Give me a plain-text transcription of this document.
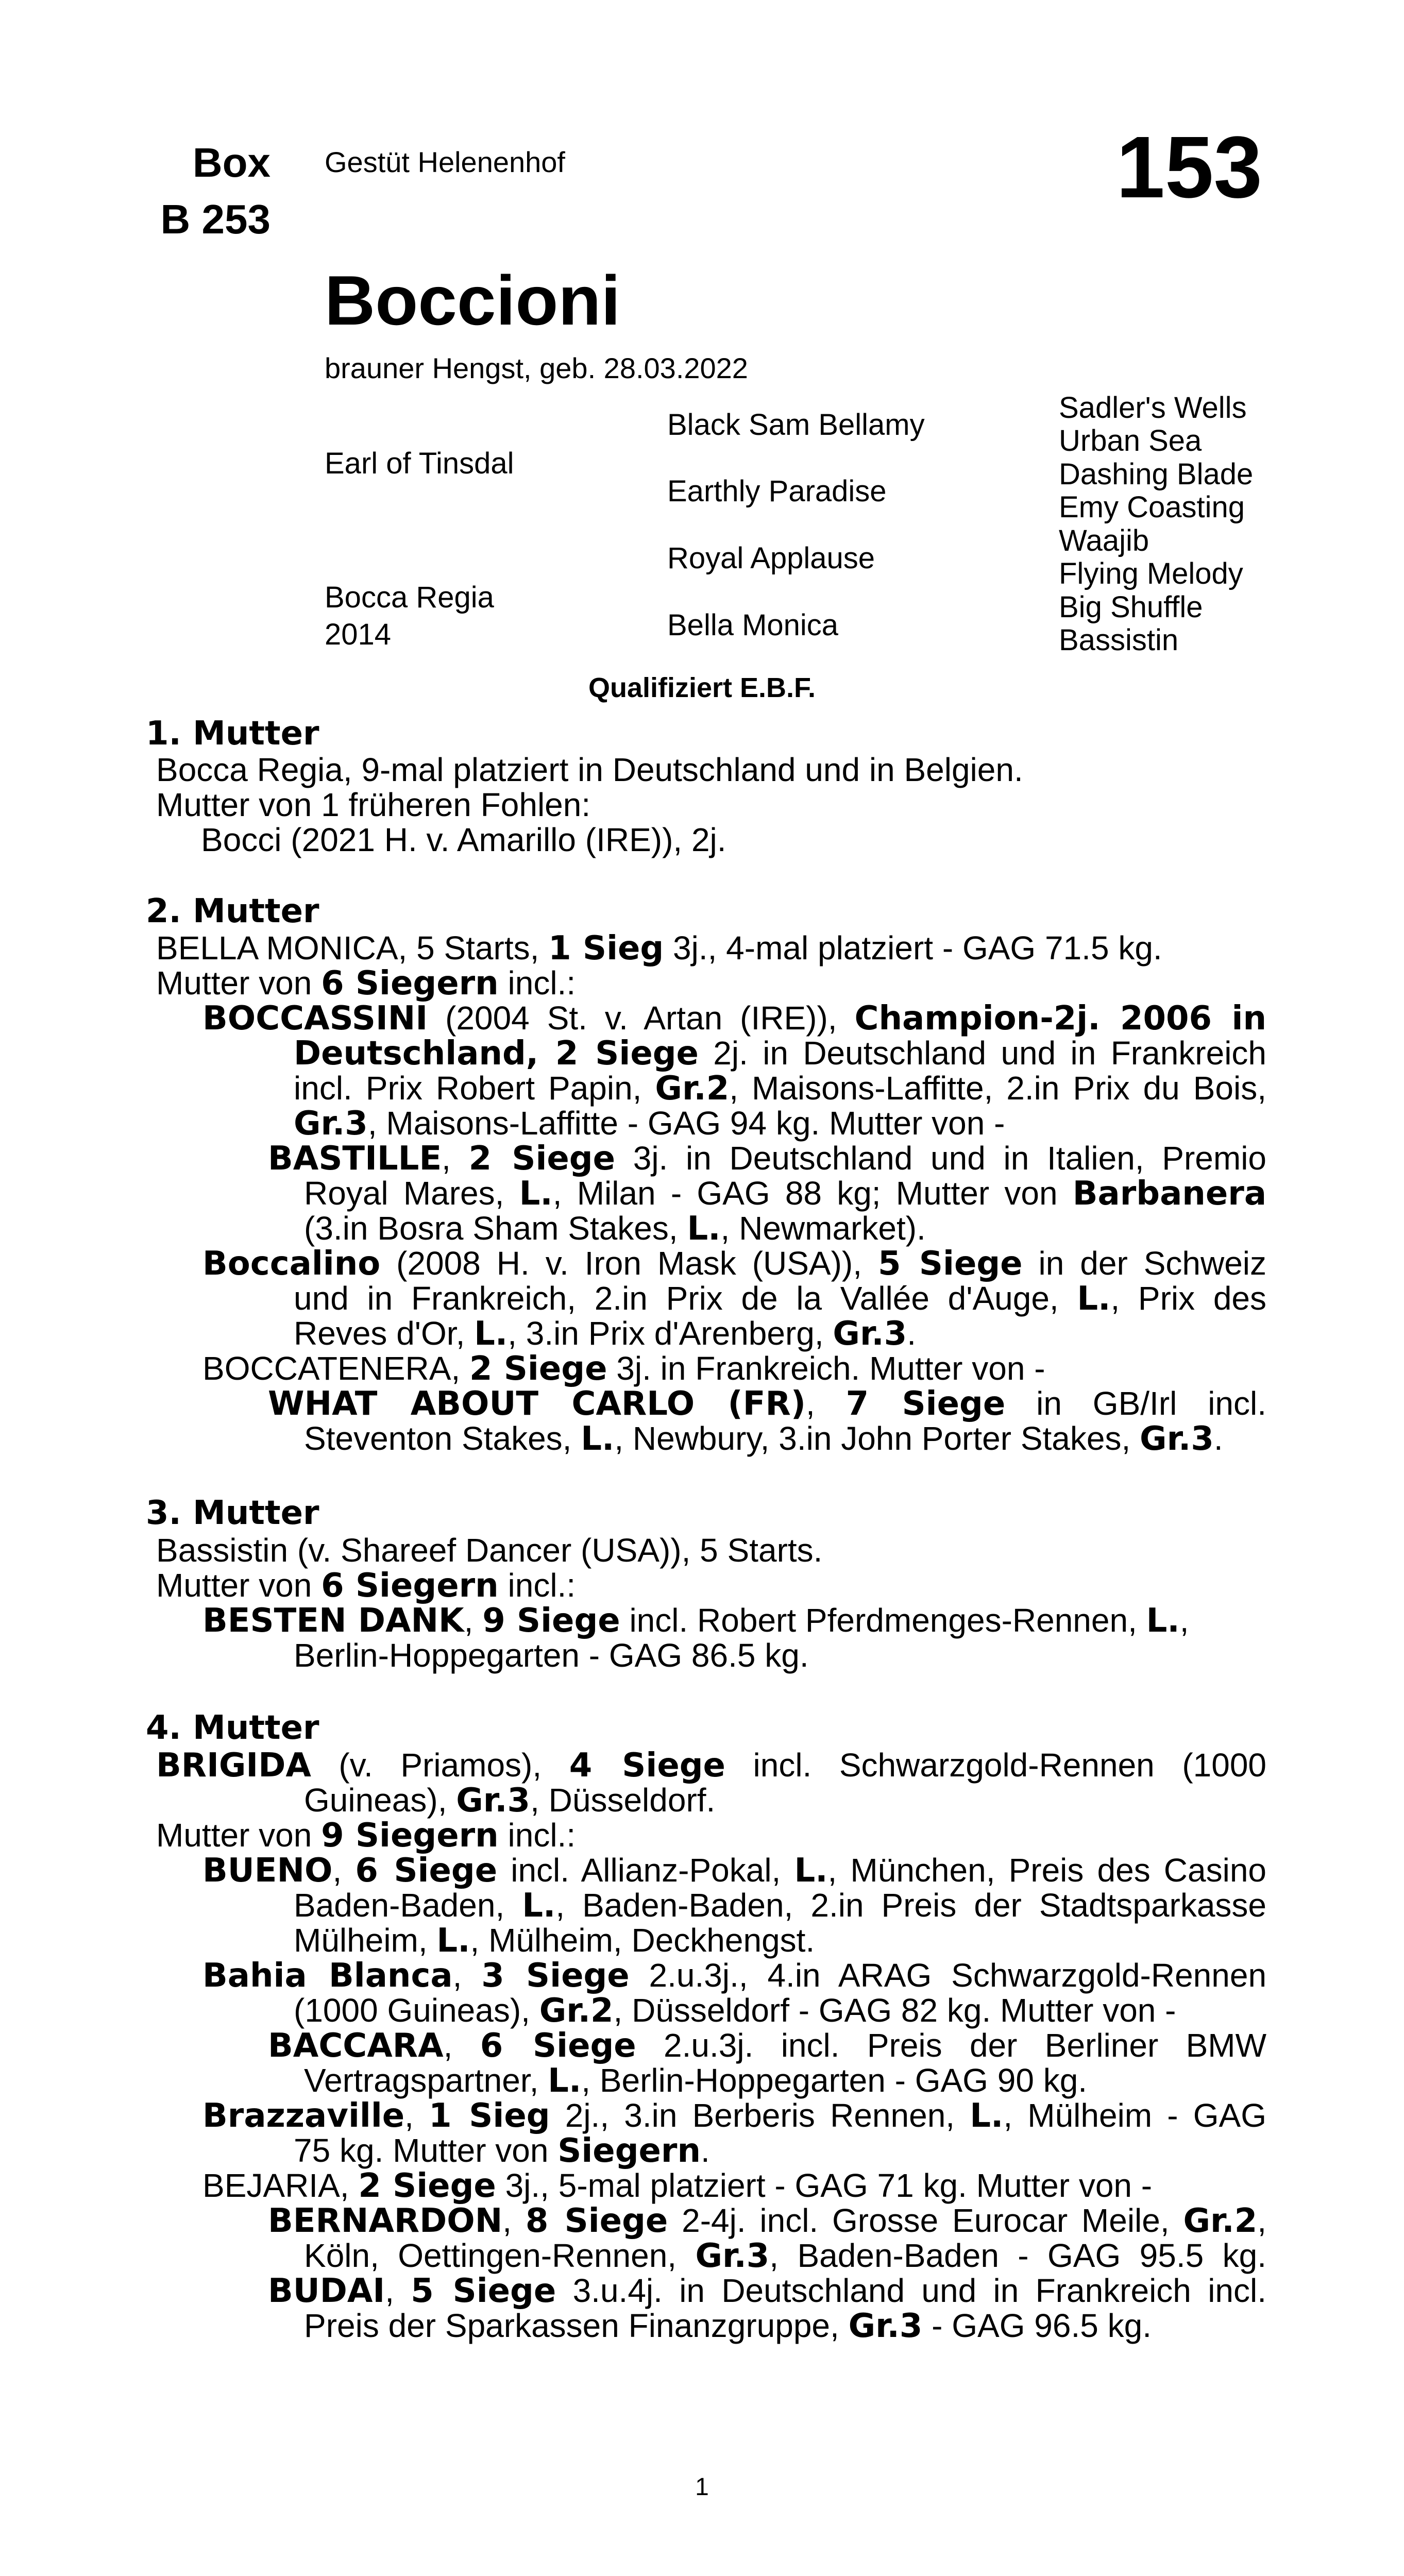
Box
B 253
Gestüt Helenenhof	153
Boccioni
brauner Hengst, geb. 28.03.2022
Earl of Tinsdal
Bocca Regia
2014
Black Sam Bellamy
Earthly Paradise
Royal Applause
Bella Monica
Sadler's Wells
Urban Sea
Dashing Blade
Emy Coasting
Waajib
Flying Melody
Big Shuffle
Bassistin
Qualifiziert E.B.F.
1. Mutter
Bocca Regia, 9-mal platziert in Deutschland und in Belgien.
Mutter von 1 früheren Fohlen:
Bocci (2021 H. v. Amarillo (IRE)), 2j.
2. Mutter
BELLA MONICA, 5 Starts, 1 Sieg 3j., 4-mal platziert - GAG 71.5 kg.
Mutter von 6 Siegern incl.:
BOCCASSINI (2004 St. v. Artan (IRE)), Champion-2j. 2006 in
Deutschland, 2 Siege 2j. in Deutschland und in Frankreich
incl. Prix Robert Papin, Gr.2, Maisons-Laffitte, 2.in Prix du Bois,
Gr.3, Maisons-Laffitte - GAG 94 kg. Mutter von -
BASTILLE, 2 Siege 3j. in Deutschland und in Italien, Premio
Royal Mares, L., Milan - GAG 88 kg; Mutter von Barbanera
(3.in Bosra Sham Stakes, L., Newmarket).
Boccalino (2008 H. v. Iron Mask (USA)), 5 Siege in der Schweiz
und in Frankreich, 2.in Prix de la Vallée d'Auge, L., Prix des
Reves d'Or, L., 3.in Prix d'Arenberg, Gr.3.
BOCCATENERA, 2 Siege 3j. in Frankreich. Mutter von -
WHAT ABOUT CARLO (FR), 7 Siege in GB/Irl incl.
Steventon Stakes, L., Newbury, 3.in John Porter Stakes, Gr.3.
3. Mutter
Bassistin (v. Shareef Dancer (USA)), 5 Starts.
Mutter von 6 Siegern incl.:
BESTEN DANK, 9 Siege incl. Robert Pferdmenges-Rennen, L.,
Berlin-Hoppegarten - GAG 86.5 kg.
4. Mutter
BRIGIDA (v. Priamos), 4 Siege incl. Schwarzgold-Rennen (1000
Guineas), Gr.3, Düsseldorf.
Mutter von 9 Siegern incl.:
BUENO, 6 Siege incl. Allianz-Pokal, L., München, Preis des Casino
Baden-Baden, L., Baden-Baden, 2.in Preis der Stadtsparkasse
Mülheim, L., Mülheim, Deckhengst.
Bahia Blanca, 3 Siege 2.u.3j., 4.in ARAG Schwarzgold-Rennen
(1000 Guineas), Gr.2, Düsseldorf - GAG 82 kg. Mutter von -
BACCARA, 6 Siege 2.u.3j. incl. Preis der Berliner BMW
Vertragspartner, L., Berlin-Hoppegarten - GAG 90 kg.
Brazzaville, 1 Sieg 2j., 3.in Berberis Rennen, L., Mülheim - GAG
75 kg. Mutter von Siegern.
BEJARIA, 2 Siege 3j., 5-mal platziert - GAG 71 kg. Mutter von -
BERNARDON, 8 Siege 2-4j. incl. Grosse Eurocar Meile, Gr.2,
Köln, Oettingen-Rennen, Gr.3, Baden-Baden - GAG 95.5 kg.
BUDAI, 5 Siege 3.u.4j. in Deutschland und in Frankreich incl.
Preis der Sparkassen Finanzgruppe, Gr.3 - GAG 96.5 kg.
1
